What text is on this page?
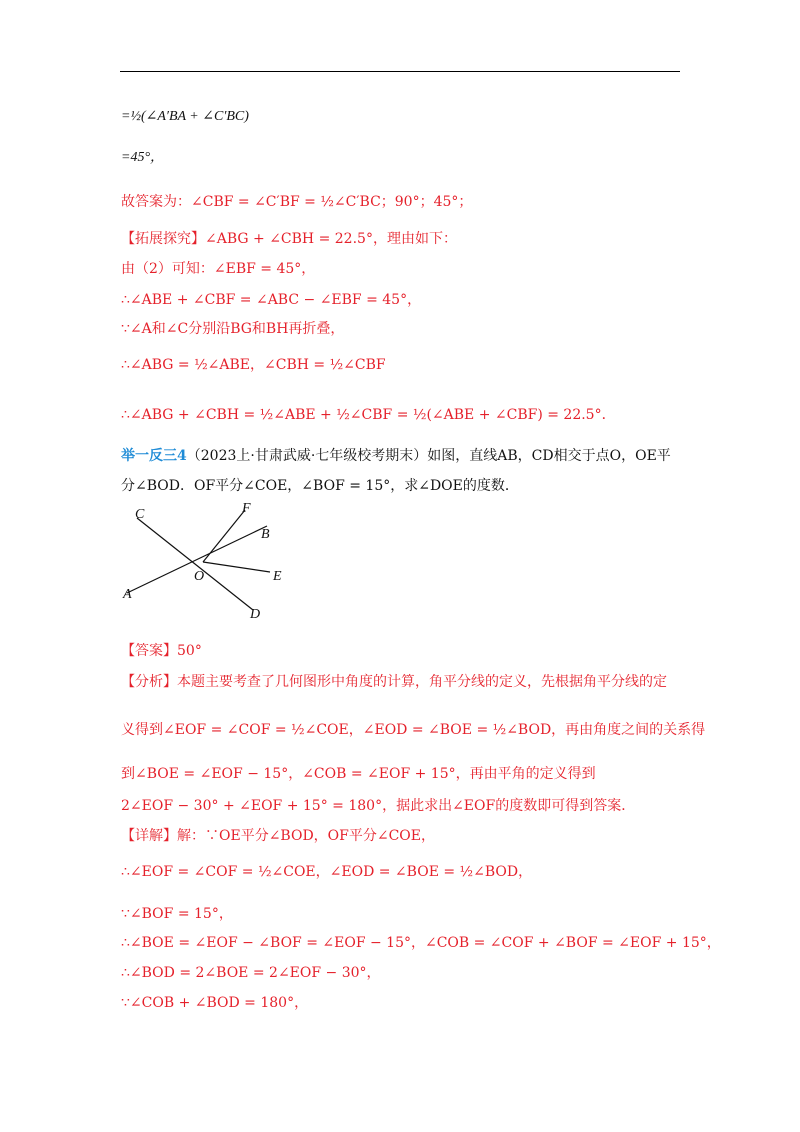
=½(∠A′BA + ∠C′BC)
=45°，
故答案为：∠CBF = ∠C′BF = ½∠C′BC；90°；45°；
【拓展探究】∠ABG + ∠CBH = 22.5°，理由如下：
由（2）可知：∠EBF = 45°，
∴∠ABE + ∠CBF = ∠ABC − ∠EBF = 45°，
∵∠A和∠C分别沿BG和BH再折叠，
∴∠ABG = ½∠ABE，∠CBH = ½∠CBF
∴∠ABG + ∠CBH = ½∠ABE + ½∠CBF = ½(∠ABE + ∠CBF) = 22.5°．
分∠BOD．OF平分∠COE，∠BOF = 15°，求∠DOE的度数．
【答案】50°
【分析】本题主要考查了几何图形中角度的计算，角平分线的定义，先根据角平分线的定
义得到∠EOF = ∠COF = ½∠COE，∠EOD = ∠BOE = ½∠BOD，再由角度之间的关系得
到∠BOE = ∠EOF − 15°，∠COB = ∠EOF + 15°，再由平角的定义得到
2∠EOF − 30° + ∠EOF + 15° = 180°，据此求出∠EOF的度数即可得到答案．
【详解】解：∵OE平分∠BOD，OF平分∠COE，
∴∠EOF = ∠COF = ½∠COE，∠EOD = ∠BOE = ½∠BOD，
∵∠BOF = 15°，
∴∠BOE = ∠EOF − ∠BOF = ∠EOF − 15°，∠COB = ∠COF + ∠BOF = ∠EOF + 15°，
∴∠BOD = 2∠BOE = 2∠EOF − 30°，
∵∠COB + ∠BOD = 180°，
举一反三4（2023上·甘肃武威·七年级校考期末）如图，直线AB，CD相交于点O，OE平
C	F
B
O	E
A
D
